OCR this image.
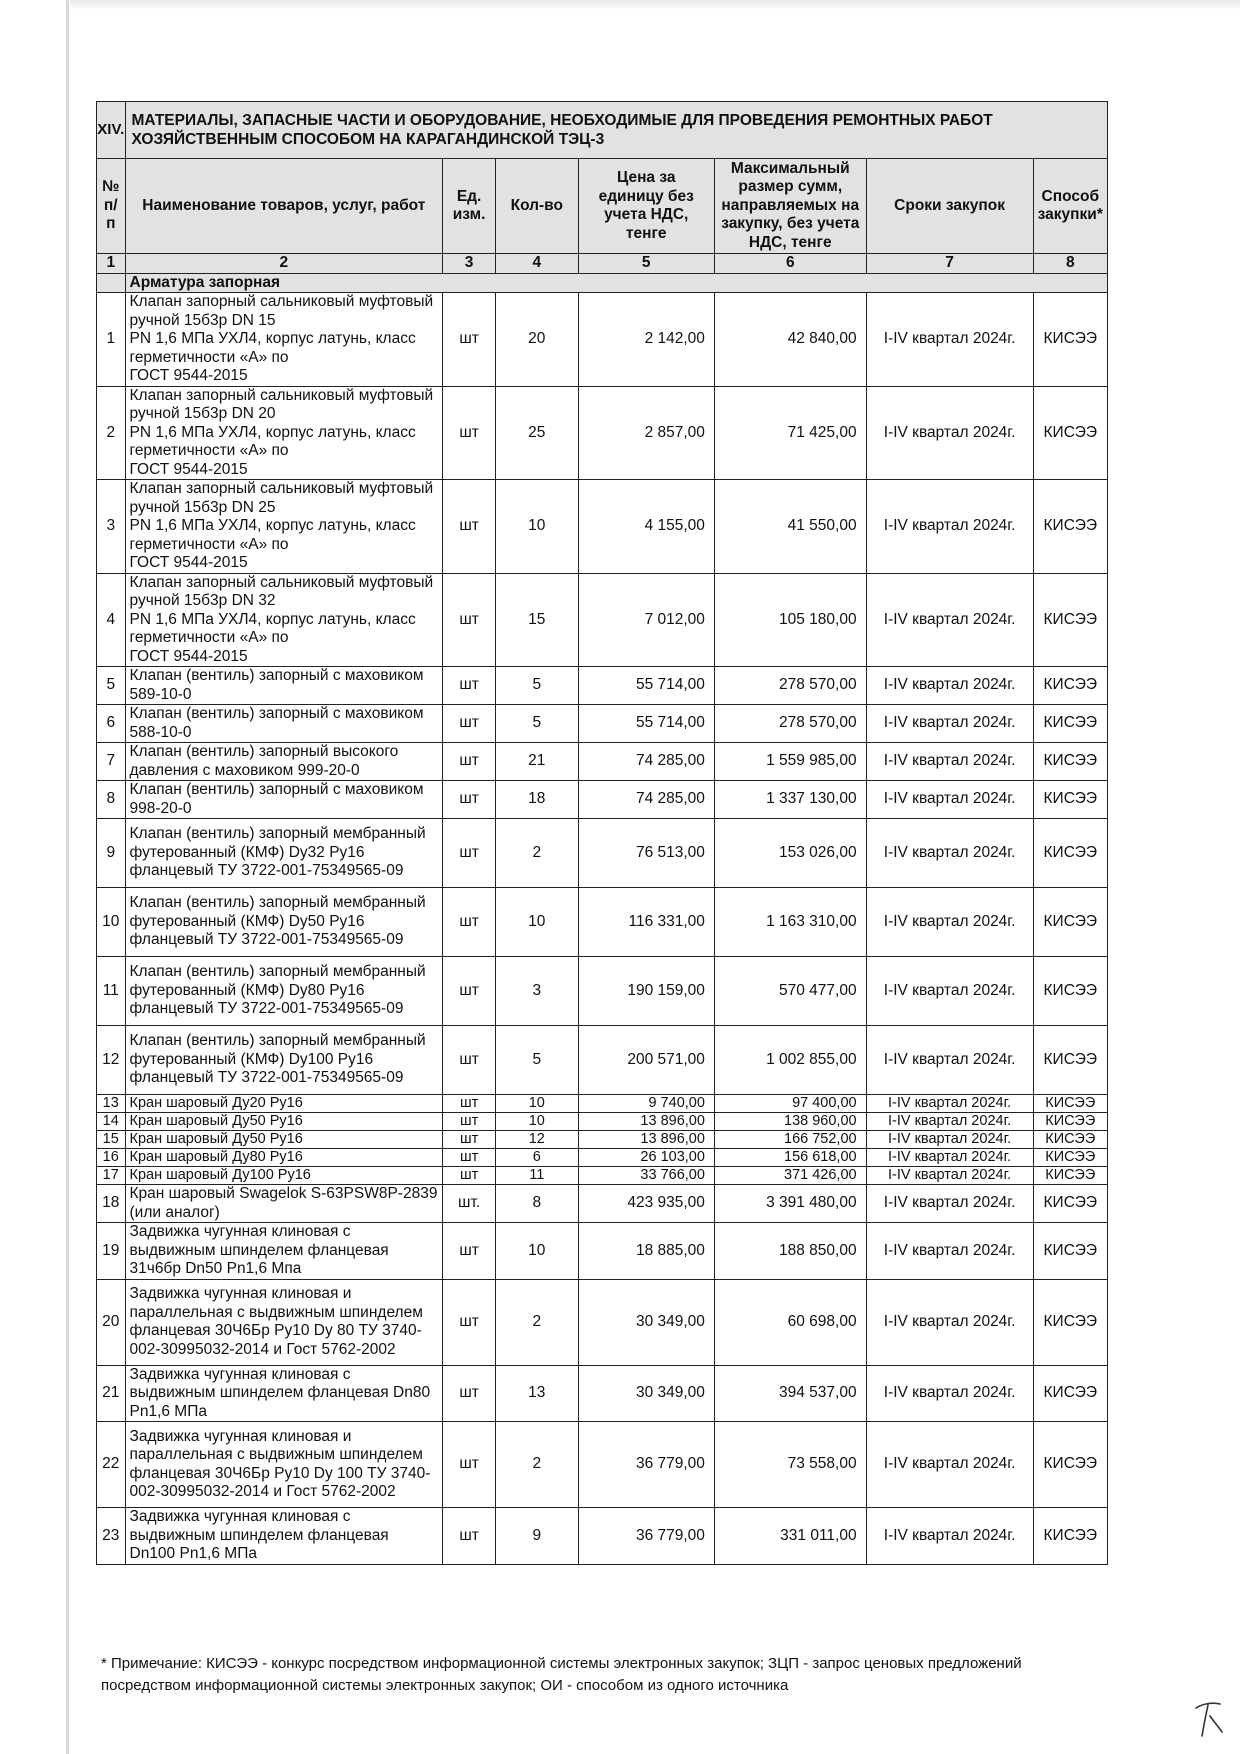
XIV.	МАТЕРИАЛЫ, ЗАПАСНЫЕ ЧАСТИ И ОБОРУДОВАНИЕ, НЕОБХОДИМЫЕ ДЛЯ ПРОВЕДЕНИЯ РЕМОНТНЫХ РАБОТ ХОЗЯЙСТВЕННЫМ СПОСОБОМ НА КАРАГАНДИНСКОЙ ТЭЦ-3						
№ п/п	Наименование товаров, услуг, работ	Ед. изм.	Кол-во	Цена за единицу без учета НДС, тенге	Максимальный размер сумм, направляемых на закупку, без учета НДС, тенге	Сроки закупок	Способ закупки*
1	2	3	4	5	6	7	8
	Арматура запорная						
1	Клапан запорный сальниковый муфтовый ручной 15б3р DN 15
PN 1,6 МПа УХЛ4, корпус латунь, класс герметичности «А» по
ГОСТ 9544-2015	шт	20	2 142,00	42 840,00	I-IV квартал 2024г.	КИСЭЭ
2	Клапан запорный сальниковый муфтовый ручной 15б3р DN 20
PN 1,6 МПа УХЛ4, корпус латунь, класс герметичности «А» по
ГОСТ 9544-2015	шт	25	2 857,00	71 425,00	I-IV квартал 2024г.	КИСЭЭ
3	Клапан запорный сальниковый муфтовый ручной 15б3р DN 25
PN 1,6 МПа УХЛ4, корпус латунь, класс герметичности «А» по
ГОСТ 9544-2015	шт	10	4 155,00	41 550,00	I-IV квартал 2024г.	КИСЭЭ
4	Клапан запорный сальниковый муфтовый ручной 15б3р DN 32
PN 1,6 МПа УХЛ4, корпус латунь, класс герметичности «А» по
ГОСТ 9544-2015	шт	15	7 012,00	105 180,00	I-IV квартал 2024г.	КИСЭЭ
5	Клапан (вентиль) запорный с маховиком 589-10-0	шт	5	55 714,00	278 570,00	I-IV квартал 2024г.	КИСЭЭ
6	Клапан (вентиль) запорный с маховиком 588-10-0	шт	5	55 714,00	278 570,00	I-IV квартал 2024г.	КИСЭЭ
7	Клапан (вентиль) запорный высокого давления с маховиком 999-20-0	шт	21	74 285,00	1 559 985,00	I-IV квартал 2024г.	КИСЭЭ
8	Клапан (вентиль) запорный с маховиком 998-20-0	шт	18	74 285,00	1 337 130,00	I-IV квартал 2024г.	КИСЭЭ
9	Клапан (вентиль) запорный мембранный футерованный (КМФ) Dy32 Py16 фланцевый ТУ 3722-001-75349565-09	шт	2	76 513,00	153 026,00	I-IV квартал 2024г.	КИСЭЭ
10	Клапан (вентиль) запорный мембранный футерованный (КМФ) Dy50 Py16 фланцевый ТУ 3722-001-75349565-09	шт	10	116 331,00	1 163 310,00	I-IV квартал 2024г.	КИСЭЭ
11	Клапан (вентиль) запорный мембранный футерованный (КМФ) Dy80 Py16 фланцевый ТУ 3722-001-75349565-09	шт	3	190 159,00	570 477,00	I-IV квартал 2024г.	КИСЭЭ
12	Клапан (вентиль) запорный мембранный футерованный (КМФ) Dy100 Py16 фланцевый ТУ 3722-001-75349565-09	шт	5	200 571,00	1 002 855,00	I-IV квартал 2024г.	КИСЭЭ
13	Кран шаровый Ду20 Ру16	шт	10	9 740,00	97 400,00	I-IV квартал 2024г.	КИСЭЭ
14	Кран шаровый Ду50 Ру16	шт	10	13 896,00	138 960,00	I-IV квартал 2024г.	КИСЭЭ
15	Кран шаровый Ду50 Ру16	шт	12	13 896,00	166 752,00	I-IV квартал 2024г.	КИСЭЭ
16	Кран шаровый Ду80 Ру16	шт	6	26 103,00	156 618,00	I-IV квартал 2024г.	КИСЭЭ
17	Кран шаровый Ду100 Ру16	шт	11	33 766,00	371 426,00	I-IV квартал 2024г.	КИСЭЭ
18	Кран шаровый Swagelok S-63PSW8P-2839 (или аналог)	шт.	8	423 935,00	3 391 480,00	I-IV квартал 2024г.	КИСЭЭ
19	Задвижка чугунная клиновая с выдвижным шпинделем фланцевая 31ч6бр Dn50 Pn1,6 Мпа	шт	10	18 885,00	188 850,00	I-IV квартал 2024г.	КИСЭЭ
20	Задвижка чугунная клиновая и параллельная с выдвижным шпинделем фланцевая 30Ч6Бр Ру10 Dy 80 ТУ 3740-002-30995032-2014 и Гост 5762-2002	шт	2	30 349,00	60 698,00	I-IV квартал 2024г.	КИСЭЭ
21	Задвижка чугунная клиновая с выдвижным шпинделем фланцевая Dn80 Pn1,6 МПа	шт	13	30 349,00	394 537,00	I-IV квартал 2024г.	КИСЭЭ
22	Задвижка чугунная клиновая и параллельная с выдвижным шпинделем фланцевая 30Ч6Бр Ру10 Dy 100 ТУ 3740-002-30995032-2014 и Гост 5762-2002	шт	2	36 779,00	73 558,00	I-IV квартал 2024г.	КИСЭЭ
23	Задвижка чугунная клиновая с выдвижным шпинделем фланцевая Dn100 Pn1,6 МПа	шт	9	36 779,00	331 011,00	I-IV квартал 2024г.	КИСЭЭ
* Примечание: КИСЭЭ - конкурс посредством информационной системы электронных закупок; ЗЦП - запрос ценовых предложений посредством информационной системы электронных закупок; ОИ - способом из одного источника
